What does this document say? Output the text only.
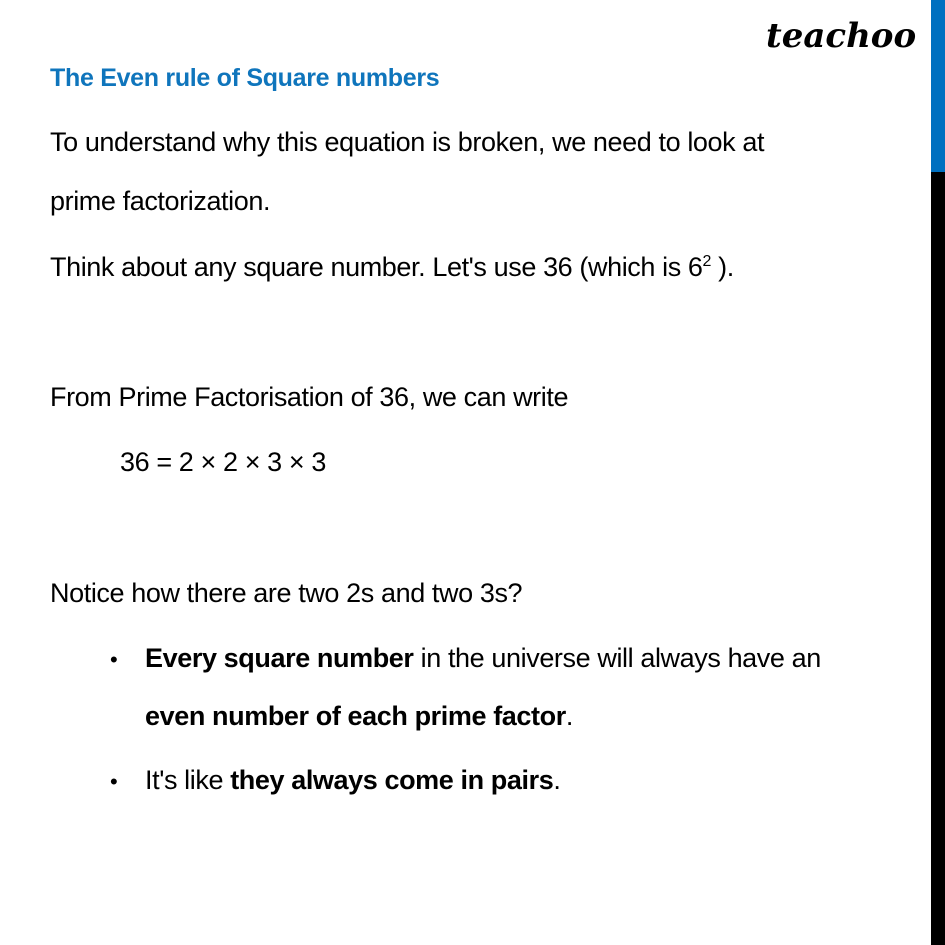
teachoo
The Even rule of Square numbers
To understand why this equation is broken, we need to look at
prime factorization.
Think about any square number. Let's use 36 (which is $6^2$ ).
From Prime Factorisation of 36, we can write
36 = 2 × 2 × 3 × 3
Notice how there are two 2s and two 3s?
• Every square number in the universe will always have an
even number of each prime factor.
• It's like they always come in pairs.
